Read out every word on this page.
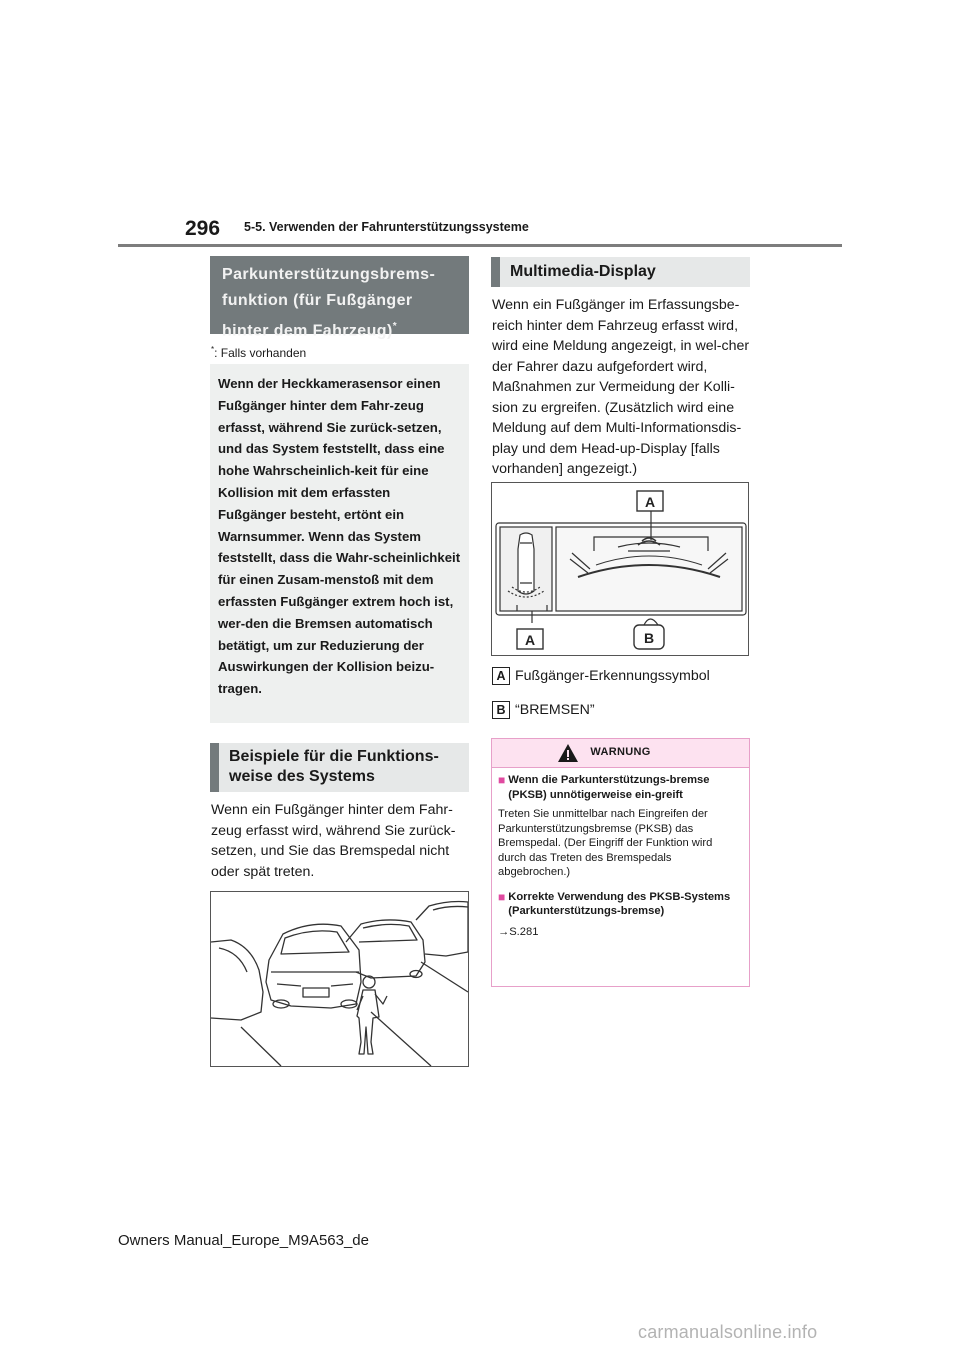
296 5-5. Verwenden der Fahrunterstützungssysteme
Parkunterstützungsbrems-funktion (für Fußgänger hinter dem Fahrzeug)*
*: Falls vorhanden
Wenn der Heckkamerasensor einen Fußgänger hinter dem Fahr-zeug erfasst, während Sie zurück-setzen, und das System feststellt, dass eine hohe Wahrscheinlich-keit für eine Kollision mit dem erfassten Fußgänger besteht, ertönt ein Warnsummer. Wenn das System feststellt, dass die Wahr-scheinlichkeit für einen Zusam-menstoß mit dem erfassten Fußgänger extrem hoch ist, wer-den die Bremsen automatisch betätigt, um zur Reduzierung der Auswirkungen der Kollision beizu-tragen.
Beispiele für die Funktions-weise des Systems
Wenn ein Fußgänger hinter dem Fahr-zeug erfasst wird, während Sie zurück-setzen, und Sie das Bremspedal nicht oder spät treten.
Multimedia-Display
Wenn ein Fußgänger im Erfassungsbe-reich hinter dem Fahrzeug erfasst wird, wird eine Meldung angezeigt, in wel-cher der Fahrer dazu aufgefordert wird, Maßnahmen zur Vermeidung der Kolli-sion zu ergreifen. (Zusätzlich wird eine Meldung auf dem Multi-Informationsdis-play und dem Head-up-Display [falls vorhanden] angezeigt.)
A
A	B
A Fußgänger-Erkennungssymbol
B “BREMSEN”
WARNUNG
■ Wenn die Parkunterstützungs-bremse (PKSB) unnötigerweise ein-greift
Treten Sie unmittelbar nach Eingreifen der Parkunterstützungsbremse (PKSB) das Bremspedal. (Der Eingriff der Funktion wird durch das Treten des Bremspedals abgebrochen.)
■ Korrekte Verwendung des PKSB-Systems (Parkunterstützungs-bremse)
→S.281
Owners Manual_Europe_M9A563_de
carmanualsonline.info
